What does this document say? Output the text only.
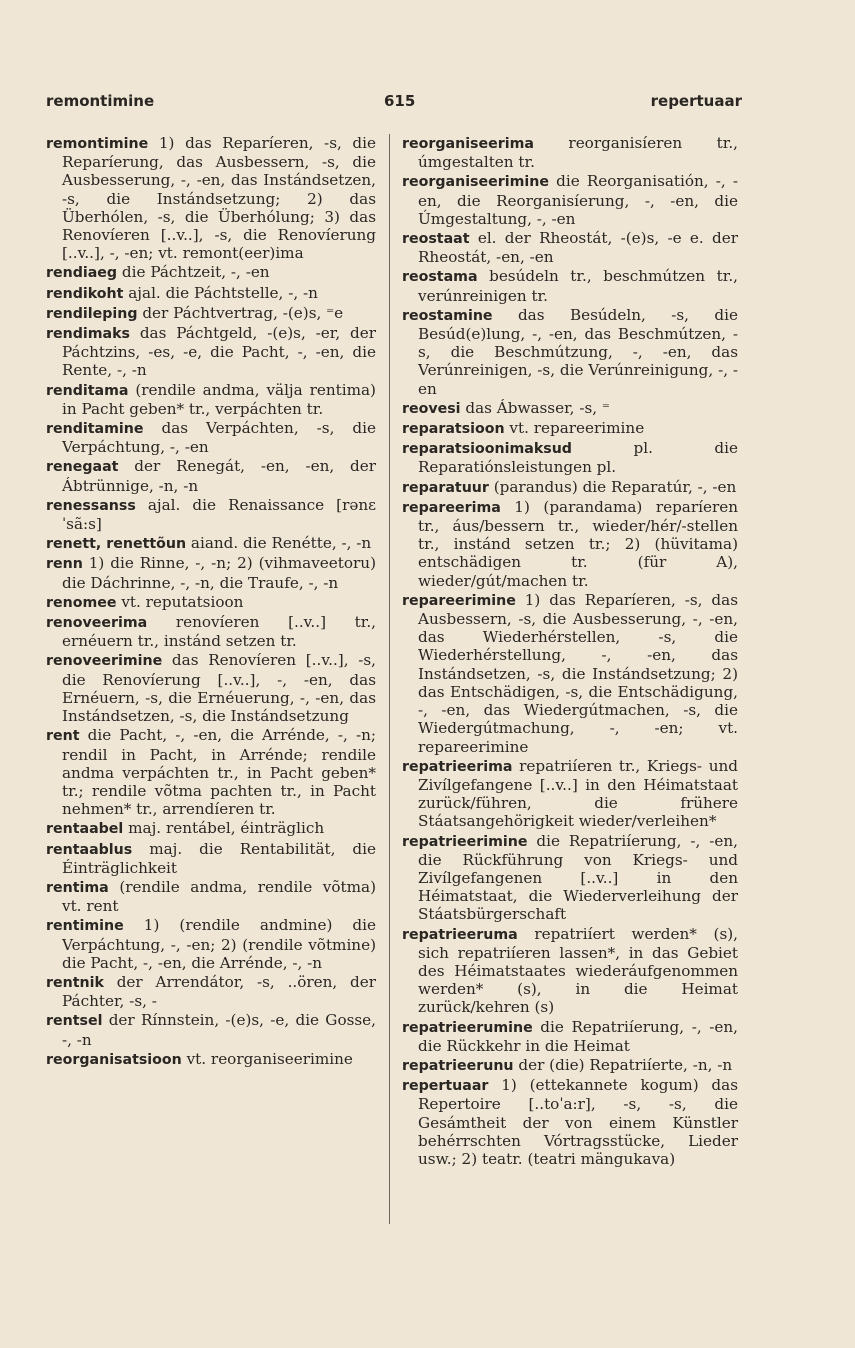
remontimine	615	repertuaar
remontimine 1) das Reparíeren, -s, die Reparíerung, das Ausbessern, -s, die Ausbesserung, -, -en, das Instándsetzen, -s, die Instándsetzung; 2) das Überhólen, -s, die Überhólung; 3) das Renovíeren [..v..], -s, die Renovíerung [..v..], -, -en; vt. remont(eer)ima
rendiaeg die Páchtzeit, -, -en
rendikoht ajal. die Páchtstelle, -, -n
rendileping der Páchtvertrag, -(e)s, ⁼e
rendimaks das Páchtgeld, -(e)s, -er, der Páchtzins, -es, -e, die Pacht, -, -en, die Rente, -, -n
renditama (rendile andma, välja rentima) in Pacht geben* tr., verpáchten tr.
renditamine das Verpáchten, -s, die Verpáchtung, -, -en
renegaat der Renegát, -en, -en, der Ábtrünnige, -n, -n
renessanss ajal. die Renaissance [rənɛˈsã:s]
renett, renettõun aiand. die Renétte, -, -n
renn 1) die Rinne, -, -n; 2) (vihmaveetoru) die Dáchrinne, -, -n, die Traufe, -, -n
renomee vt. reputatsioon
renoveerima renovíeren [..v..] tr., ernéuern tr., instánd setzen tr.
renoveerimine das Renovíeren [..v..], -s, die Renovíerung [..v..], -, -en, das Ernéuern, -s, die Ernéuerung, -, -en, das Instándsetzen, -s, die Instándsetzung
rent die Pacht, -, -en, die Arrénde, -, -n; rendil in Pacht, in Arrénde; rendile andma verpáchten tr., in Pacht geben* tr.; rendile võtma pachten tr., in Pacht nehmen* tr., arrendíeren tr.
rentaabel maj. rentábel, éinträglich
rentaablus maj. die Rentabilität, die Éinträglichkeit
rentima (rendile andma, rendile võtma) vt. rent
rentimine 1) (rendile andmine) die Verpáchtung, -, -en; 2) (rendile võtmine) die Pacht, -, -en, die Arrénde, -, -n
rentnik der Arrendátor, -s, ..ören, der Páchter, -s, -
rentsel der Rínnstein, -(e)s, -e, die Gosse, -, -n
reorganisatsioon vt. reorganiseerimine
reorganiseerima reorganisíeren tr., úmgestalten tr.
reorganiseerimine die Reorganisatión, -, -en, die Reorganisíerung, -, -en, die Úmgestaltung, -, -en
reostaat el. der Rheostát, -(e)s, -e e. der Rheostát, -en, -en
reostama besúdeln tr., beschmútzen tr., verúnreinigen tr.
reostamine das Besúdeln, -s, die Besúd(e)lung, -, -en, das Beschmútzen, -s, die Beschmútzung, -, -en, das Verúnreinigen, -s, die Verúnreinigung, -, -en
reovesi das Ábwasser, -s, ⁼
reparatsioon vt. repareerimine
reparatsioonimaksud pl. die Reparatiónsleistungen pl.
reparatuur (parandus) die Reparatúr, -, -en
repareerima 1) (parandama) reparíeren tr., áus/bessern tr., wieder/hér/-stellen tr., instánd setzen tr.; 2) (hüvitama) entschädigen tr. (für A), wieder/gút/machen tr.
repareerimine 1) das Reparíeren, -s, das Ausbessern, -s, die Ausbesserung, -, -en, das Wiederhérstellen, -s, die Wiederhérstellung, -, -en, das Instándsetzen, -s, die Instándsetzung; 2) das Entschädigen, -s, die Entschädigung, -, -en, das Wiedergútmachen, -s, die Wiedergútmachung, -, -en; vt. repareerimine
repatrieerima repatriíeren tr., Kriegs- und Zivílgefangene [..v..] in den Héimatstaat zurück/führen, die frühere Stáatsangehörigkeit wieder/verleihen*
repatrieerimine die Repatriíerung, -, -en, die Rückführung von Kriegs- und Zivílgefangenen [..v..] in den Héimatstaat, die Wiederverleihung der Stáatsbürgerschaft
repatrieeruma repatriíert werden* (s), sich repatriíeren lassen*, in das Gebiet des Héimatstaates wiederáufgenommen werden* (s), in die Heimat zurück/kehren (s)
repatrieerumine die Repatriíerung, -, -en, die Rückkehr in die Heimat
repatrieerunu der (die) Repatriíerte, -n, -n
repertuaar 1) (ettekannete kogum) das Repertoire [..toˈa:r], -s, -s, die Gesámtheit der von einem Künstler behérrschten Vórtragsstücke, Lieder usw.; 2) teatr. (teatri mängukava)
